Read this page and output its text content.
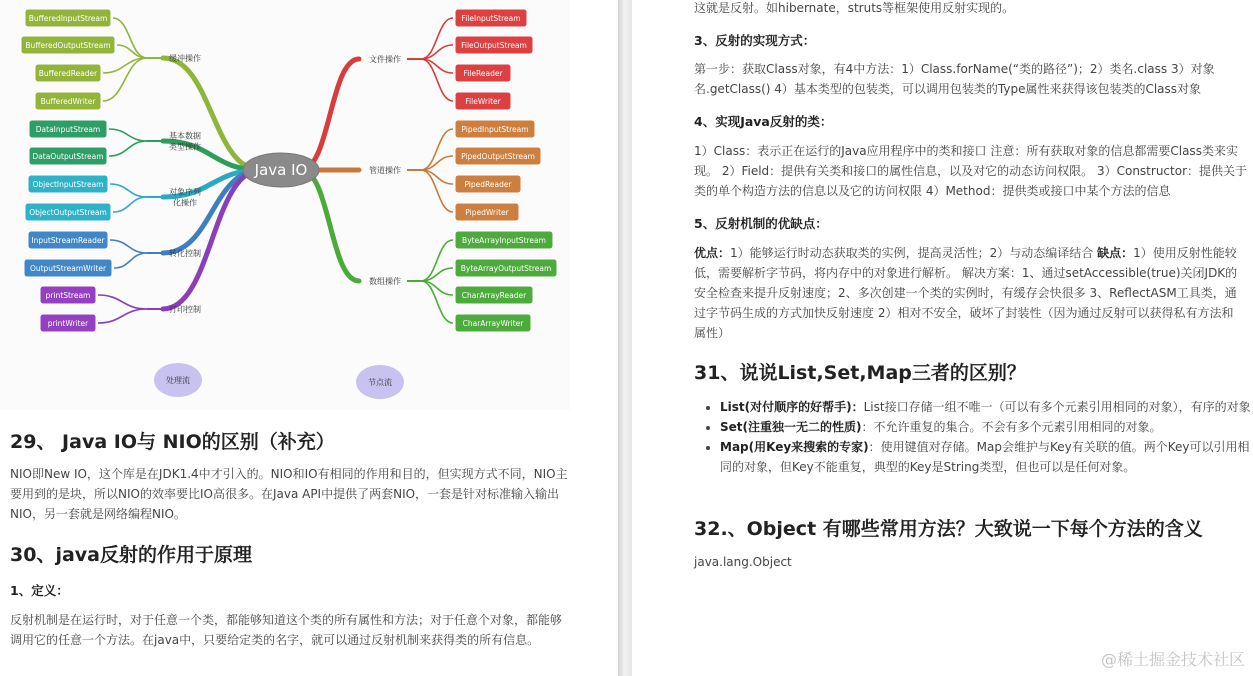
缓冲操作
BufferedInputStream
BufferedOutputStream
BufferedReader
BufferedWriter
基本数据
类型操作
DataInputStream
DataOutputStream
对象序列
化操作
ObjectInputStream
ObjectOutputStream
转化控制
InputStreamReader
OutputStreamWriter
打印控制
printStream
printWriter
文件操作
FileInputStream
FileOutputStream
FileReader
FileWriter
管道操作
PipedInputStream
PipedOutputStream
PipedReader
PipedWriter
数组操作
ByteArrayInputStream
ByteArrayOutputStream
CharArrayReader
CharArrayWriter
Java IO
处理流	节点流
29、 Java IO与 NIO的区别（补充）

NIO即New IO，这个库是在JDK1.4中才引入的。NIO和IO有相同的作用和目的，但实现方式不同，NIO主要用到的是块，所以NIO的效率要比IO高很多。在Java API中提供了两套NIO，一套是针对标准输入输出NIO，另一套就是网络编程NIO。

30、java反射的作用于原理
1、定义：

反射机制是在运行时，对于任意一个类，都能够知道这个类的所有属性和方法；对于任意个对象，都能够调用它的任意一个方法。在java中，只要给定类的名字，就可以通过反射机制来获得类的所有信息。

这就是反射。如hibernate，struts等框架使用反射实现的。

3、反射的实现方式：

第一步：获取Class对象，有4中方法：1）Class.forName(“类的路径”)；2）类名.class 3）对象名.getClass() 4）基本类型的包装类，可以调用包装类的Type属性来获得该包装类的Class对象

4、实现Java反射的类：

1）Class：表示正在运行的Java应用程序中的类和接口 注意：所有获取对象的信息都需要Class类来实现。 2）Field：提供有关类和接口的属性信息，以及对它的动态访问权限。 3）Constructor：提供关于类的单个构造方法的信息以及它的访问权限 4）Method：提供类或接口中某个方法的信息

5、反射机制的优缺点：

优点：1）能够运行时动态获取类的实例，提高灵活性；2）与动态编译结合 缺点：1）使用反射性能较低，需要解析字节码，将内存中的对象进行解析。 解决方案：1、通过setAccessible(true)关闭JDK的安全检查来提升反射速度；2、多次创建一个类的实例时，有缓存会快很多 3、ReflectASM工具类，通过字节码生成的方式加快反射速度 2）相对不安全，破坏了封装性（因为通过反射可以获得私有方法和属性）

31、说说List,Set,Map三者的区别？
• List(对付顺序的好帮手)：List接口存储一组不唯一（可以有多个元素引用相同的对象），有序的对象
• Set(注重独一无二的性质)：不允许重复的集合。不会有多个元素引用相同的对象。
• Map(用Key来搜索的专家)：使用键值对存储。Map会维护与Key有关联的值。两个Key可以引用相同的对象，但Key不能重复，典型的Key是String类型，但也可以是任何对象。
32.、Object 有哪些常用方法？大致说一下每个方法的含义

java.lang.Object

@稀土掘金技术社区
